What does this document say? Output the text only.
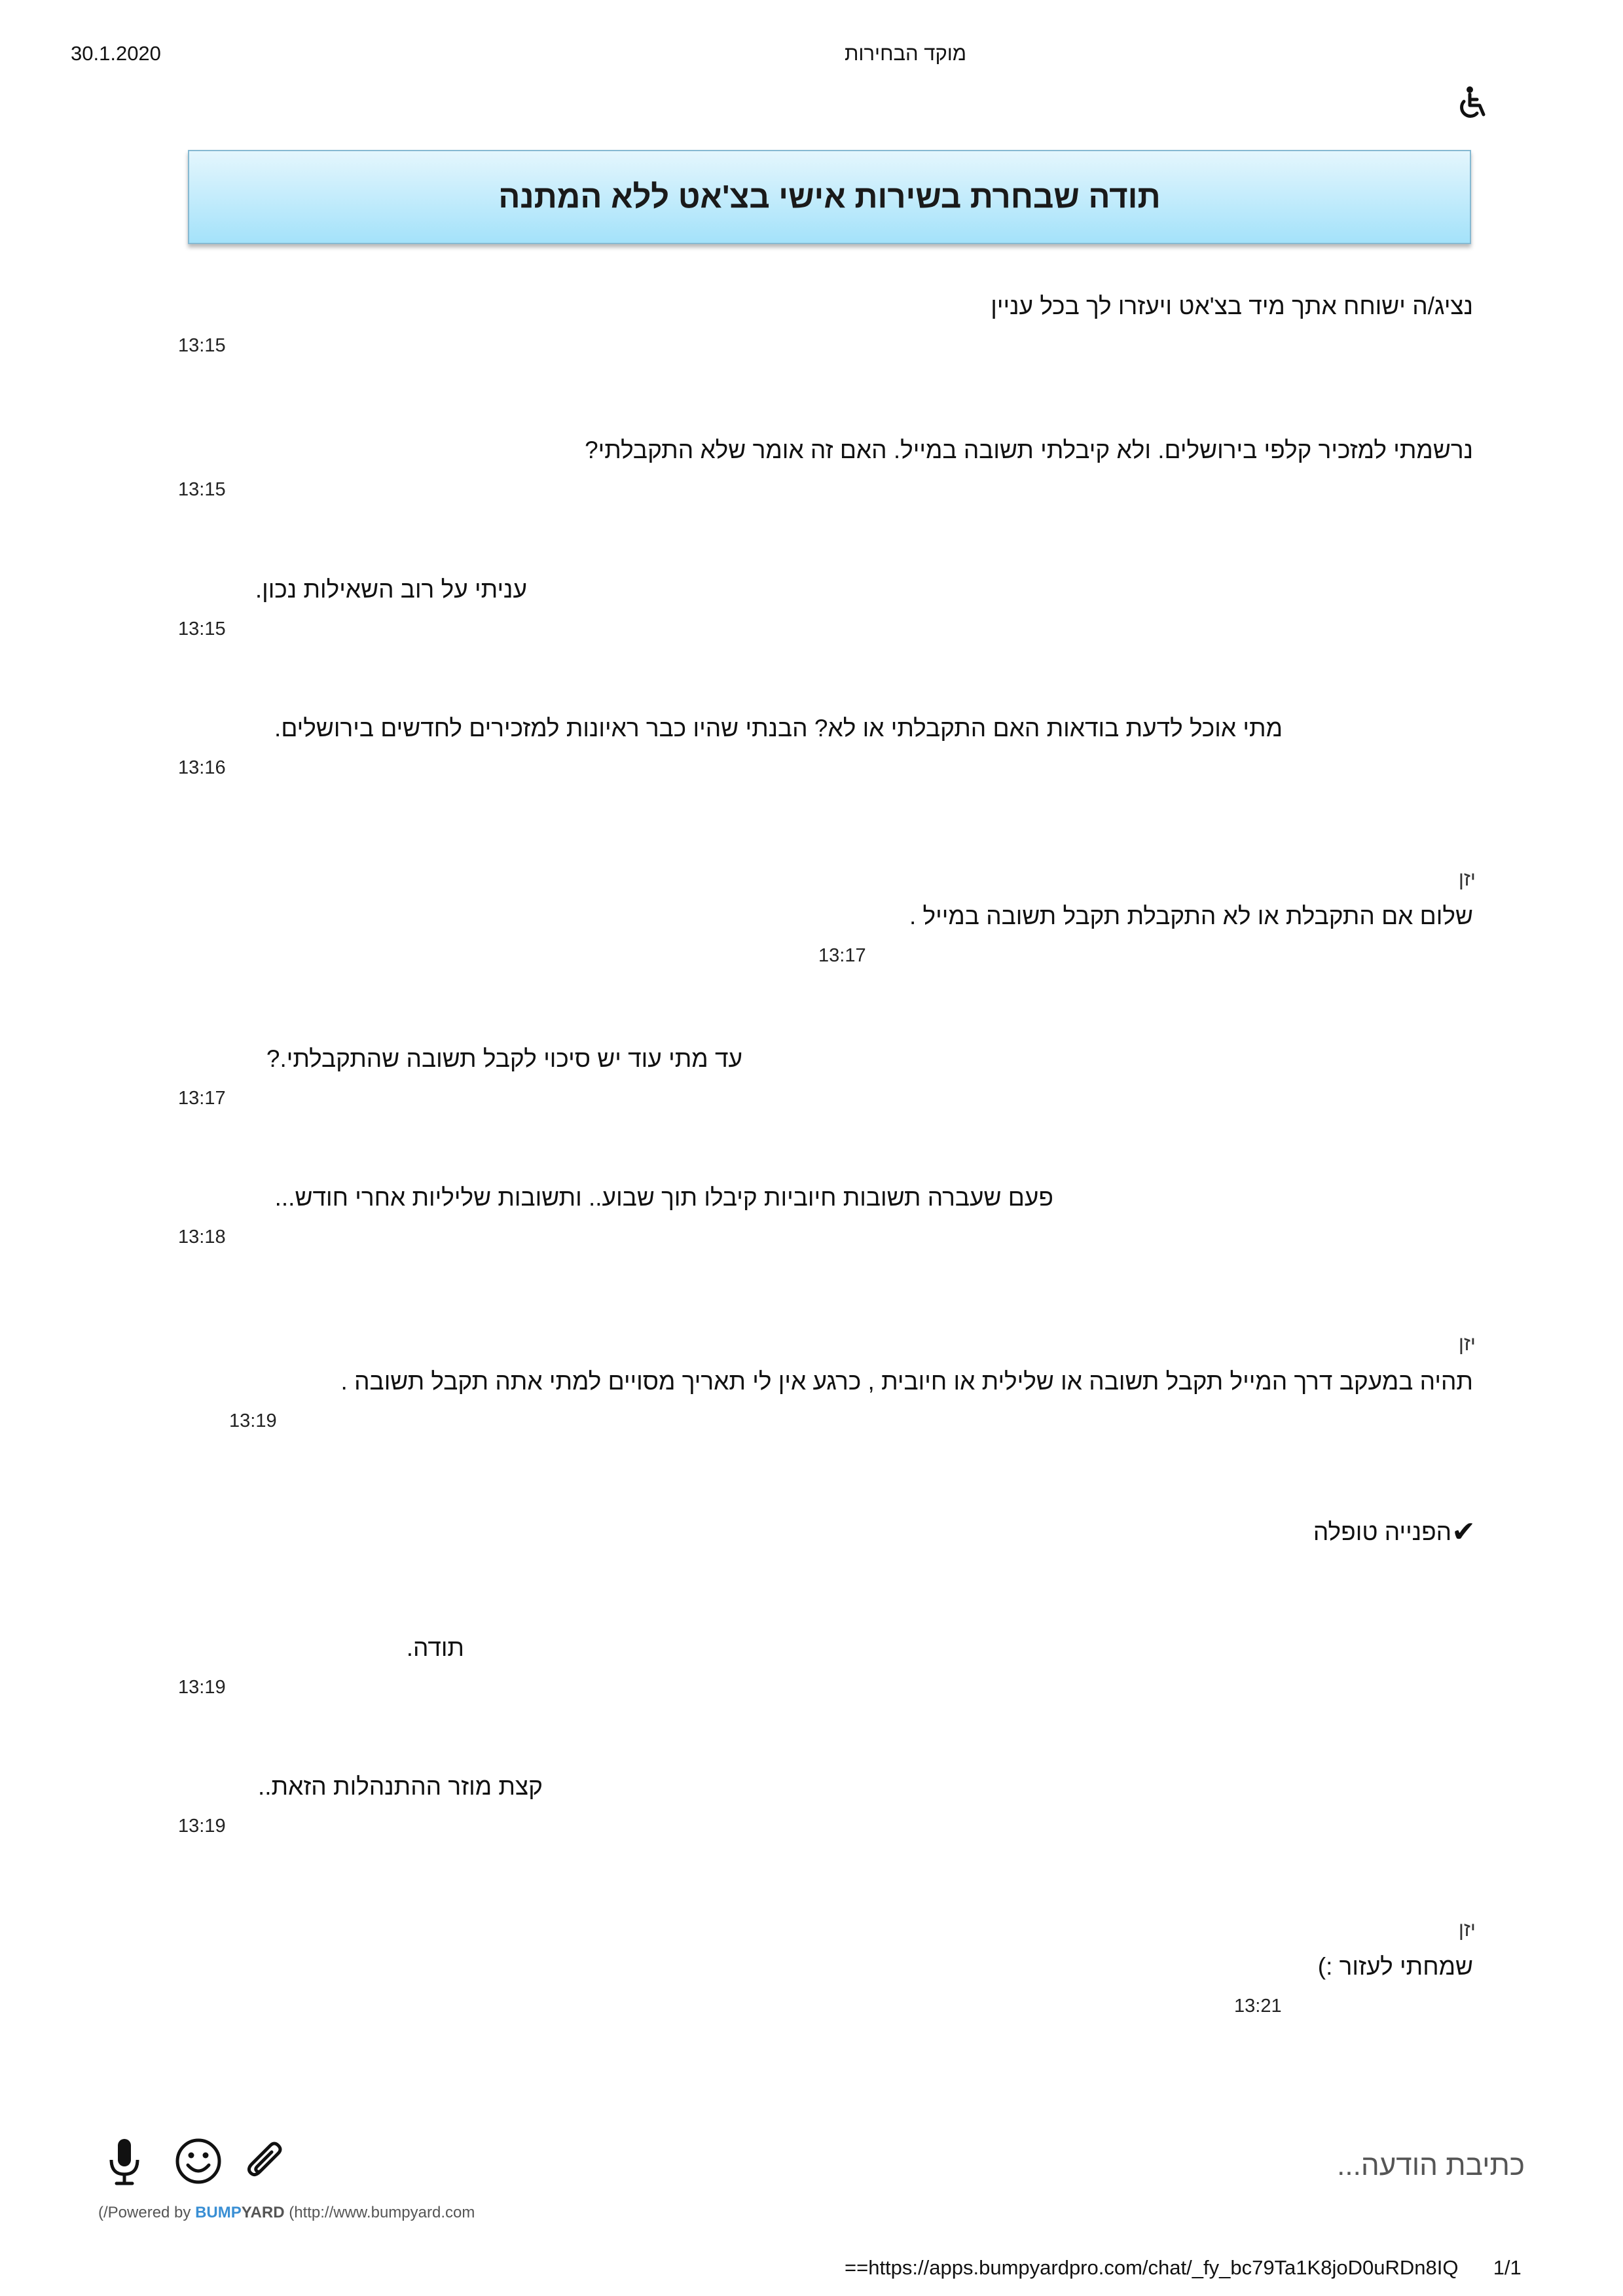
30.1.2020	מוקד הבחירות
תודה שבחרת בשירות אישי בצ'אט ללא המתנה
נציג/ה ישוחח אתך מיד בצ'אט ויעזרו לך בכל עניין
13:15
נרשמתי למזכיר קלפי בירושלים. ולא קיבלתי תשובה במייל. האם זה אומר שלא התקבלתי?
13:15
עניתי על רוב השאילות נכון.
13:15
מתי אוכל לדעת בודאות האם התקבלתי או לא? הבנתי שהיו כבר ראיונות למזכירים לחדשים בירושלים.
13:16
יזן
שלום אם התקבלת או לא התקבלת תקבל תשובה במייל .
13:17
עד מתי עוד יש סיכוי לקבל תשובה שהתקבלתי.?
13:17
פעם שעברה תשובות חיוביות קיבלו תוך שבוע.. ותשובות שליליות אחרי חודש...
13:18
יזן
תהיה במעקב דרך המייל תקבל תשובה או שלילית או חיובית , כרגע אין לי תאריך מסויים למתי אתה תקבל תשובה .
13:19
✔
הפנייה טופלה
תודה.
13:19
קצת מוזר ההתנהלות הזאת..
13:19
יזן
שמחתי לעזור :)
13:21
כתיבת הודעה...
(/Powered by BUMPYARD (http://www.bumpyard.com
==https://apps.bumpyardpro.com/chat/_fy_bc79Ta1K8joD0uRDn8IQ 1/1
